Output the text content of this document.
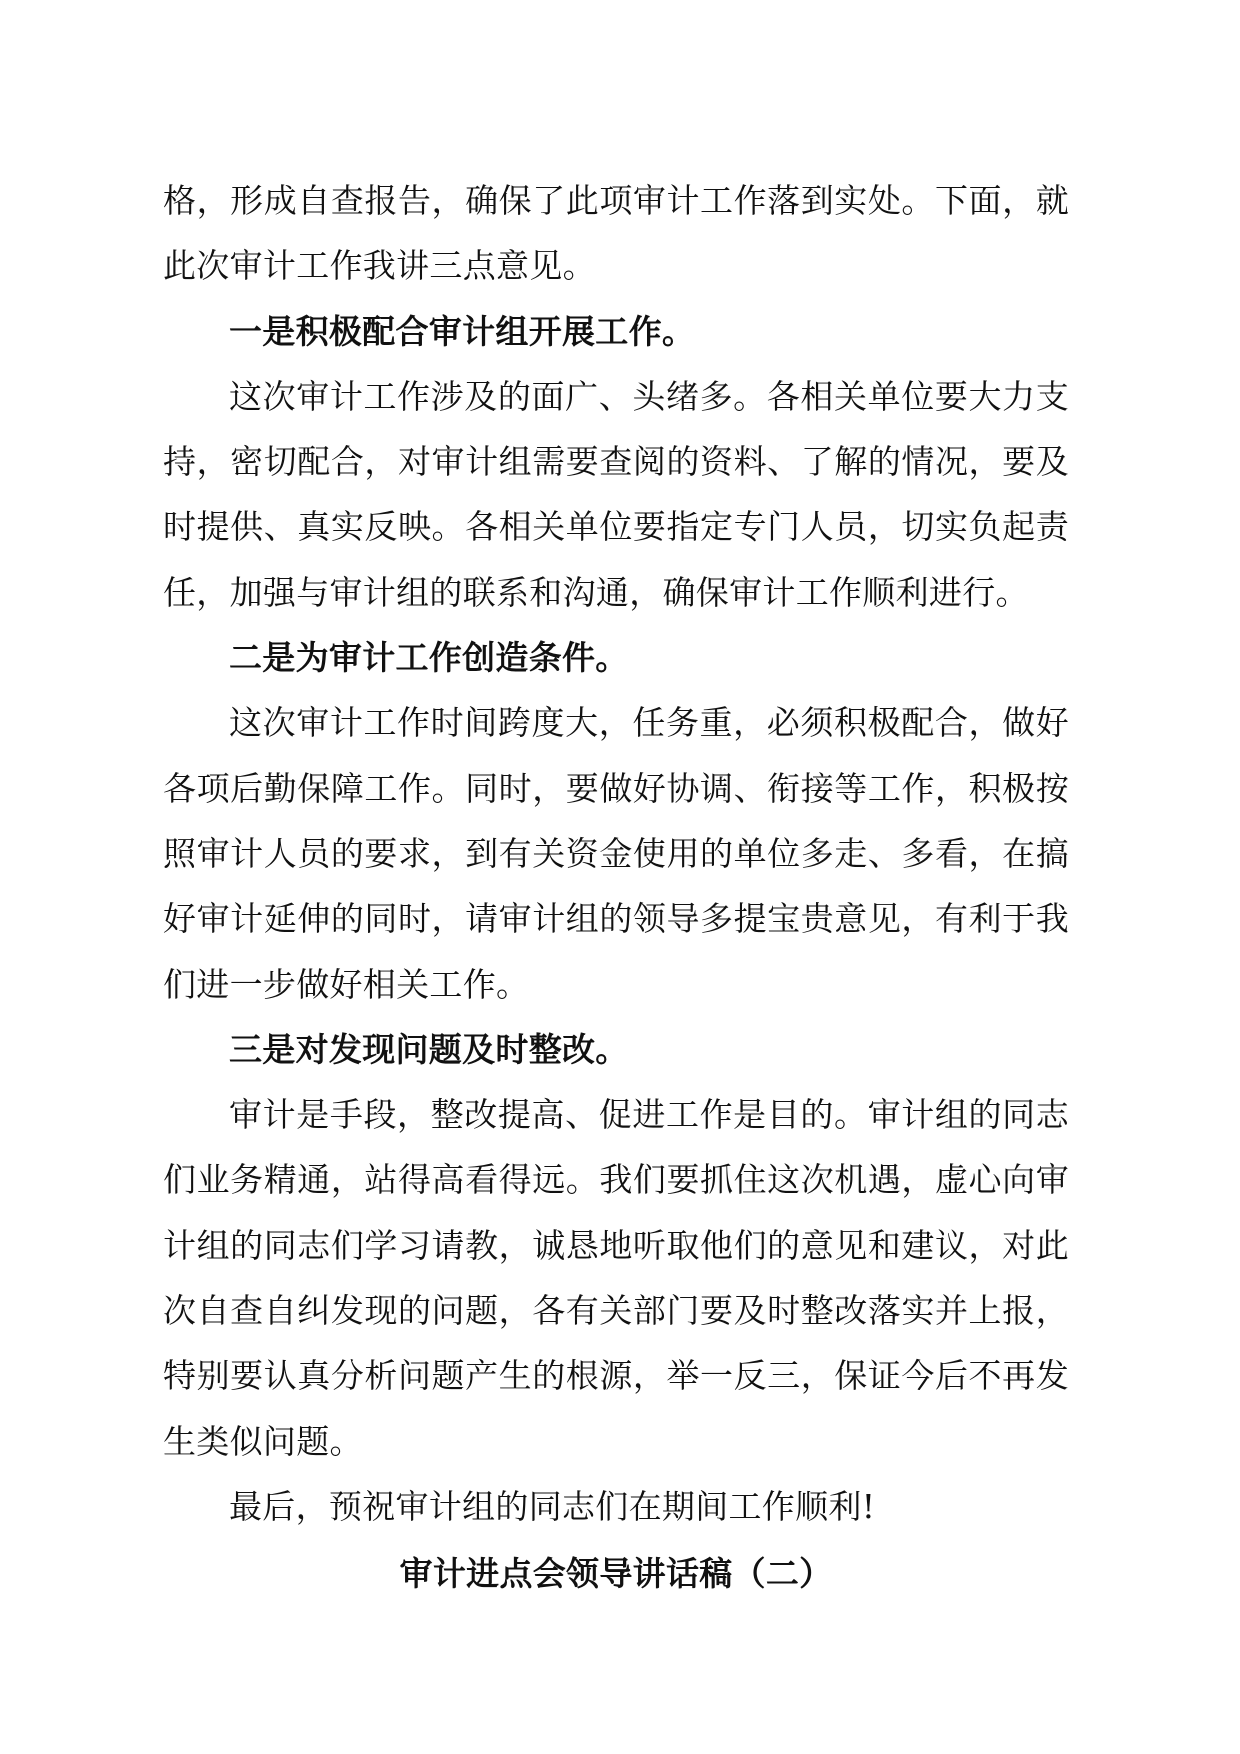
格，形成自查报告，确保了此项审计工作落到实处。下面，就此次审计工作我讲三点意见。

一是积极配合审计组开展工作。

这次审计工作涉及的面广、头绪多。各相关单位要大力支持，密切配合，对审计组需要查阅的资料、了解的情况，要及时提供、真实反映。各相关单位要指定专门人员，切实负起责任，加强与审计组的联系和沟通，确保审计工作顺利进行。

二是为审计工作创造条件。

这次审计工作时间跨度大，任务重，必须积极配合，做好各项后勤保障工作。同时，要做好协调、衔接等工作，积极按照审计人员的要求，到有关资金使用的单位多走、多看，在搞好审计延伸的同时，请审计组的领导多提宝贵意见，有利于我们进一步做好相关工作。

三是对发现问题及时整改。

审计是手段，整改提高、促进工作是目的。审计组的同志们业务精通，站得高看得远。我们要抓住这次机遇，虚心向审计组的同志们学习请教，诚恳地听取他们的意见和建议，对此次自查自纠发现的问题，各有关部门要及时整改落实并上报，特别要认真分析问题产生的根源，举一反三，保证今后不再发生类似问题。

最后，预祝审计组的同志们在期间工作顺利!

审计进点会领导讲话稿（二）
